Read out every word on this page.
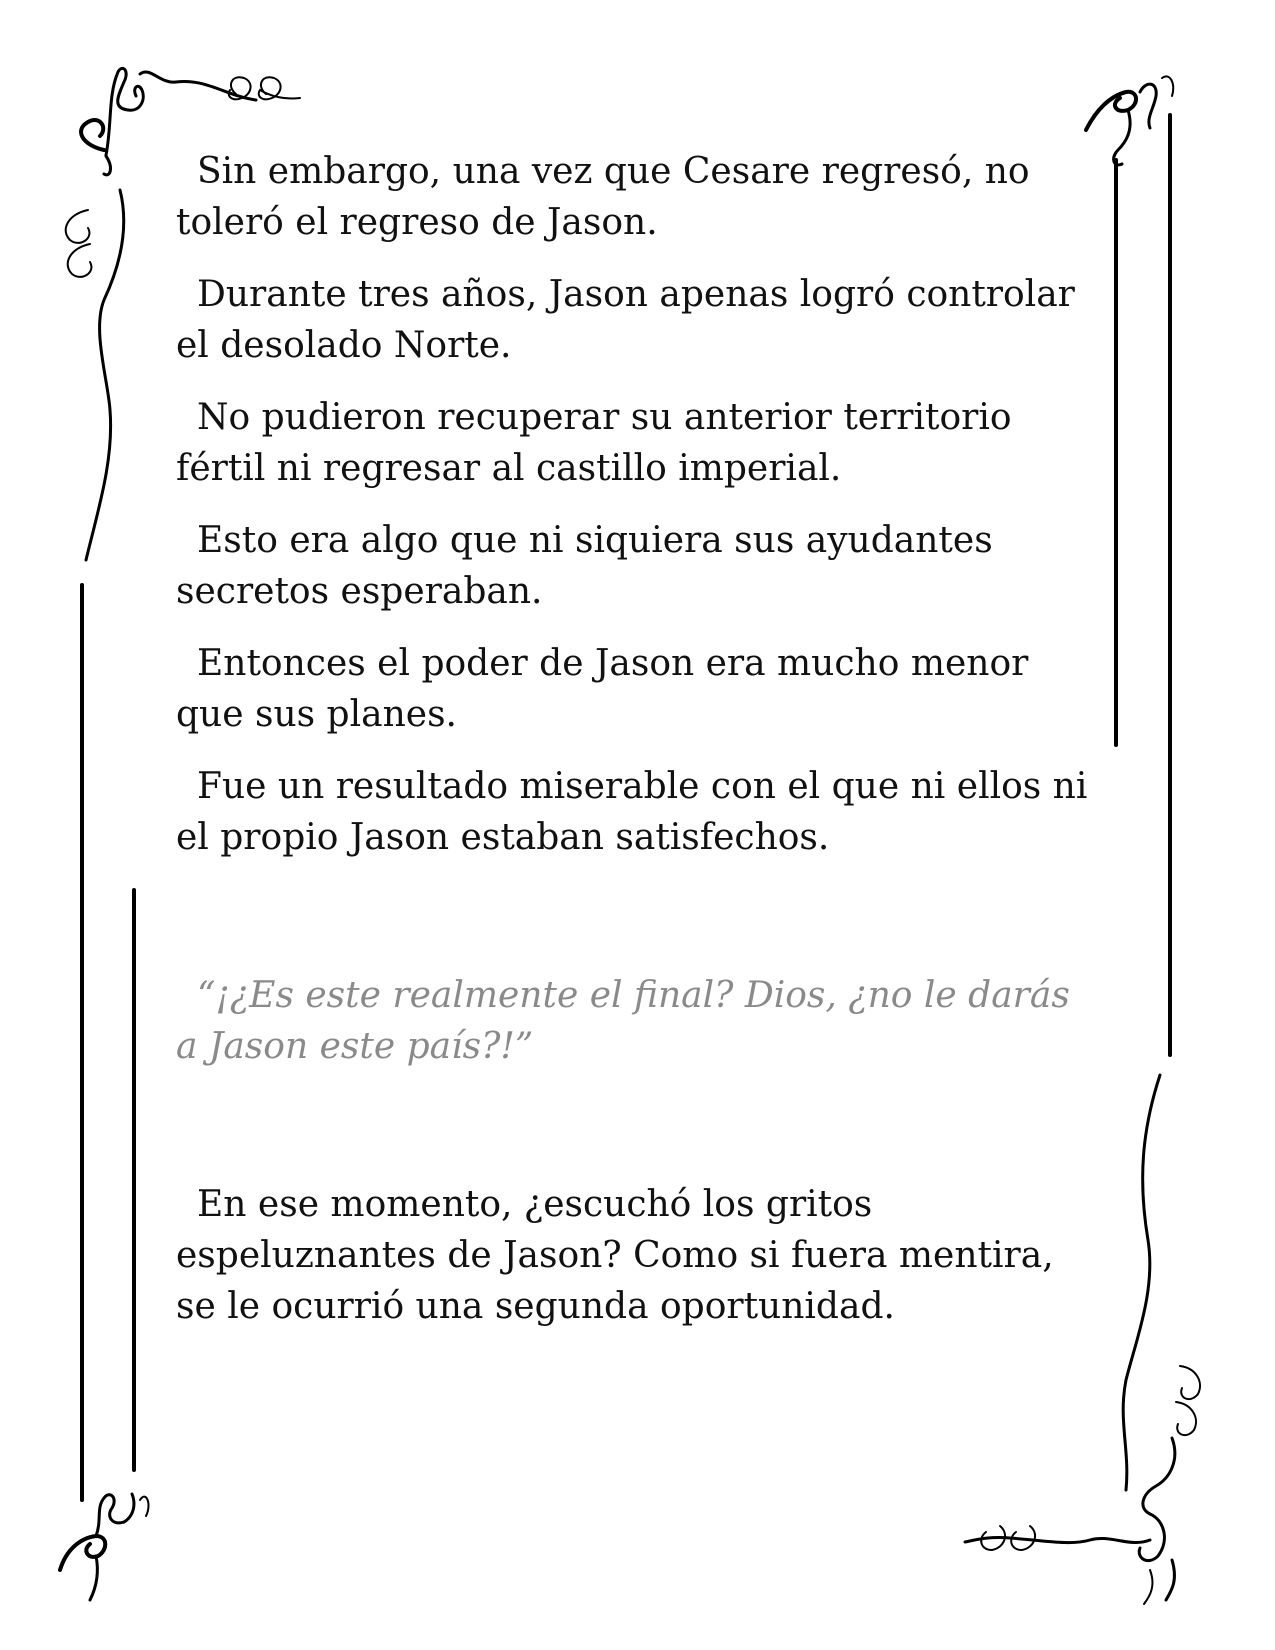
Sin embargo, una vez que Cesare regresó, no toleró el regreso de Jason.

Durante tres años, Jason apenas logró controlar el desolado Norte.

No pudieron recuperar su anterior territorio fértil ni regresar al castillo imperial.

Esto era algo que ni siquiera sus ayudantes secretos esperaban.

Entonces el poder de Jason era mucho menor que sus planes.

Fue un resultado miserable con el que ni ellos ni el propio Jason estaban satisfechos.

“¡¿Es este realmente el final? Dios, ¿no le darás a Jason este país?!”

En ese momento, ¿escuchó los gritos espeluznantes de Jason? Como si fuera mentira, se le ocurrió una segunda oportunidad.
